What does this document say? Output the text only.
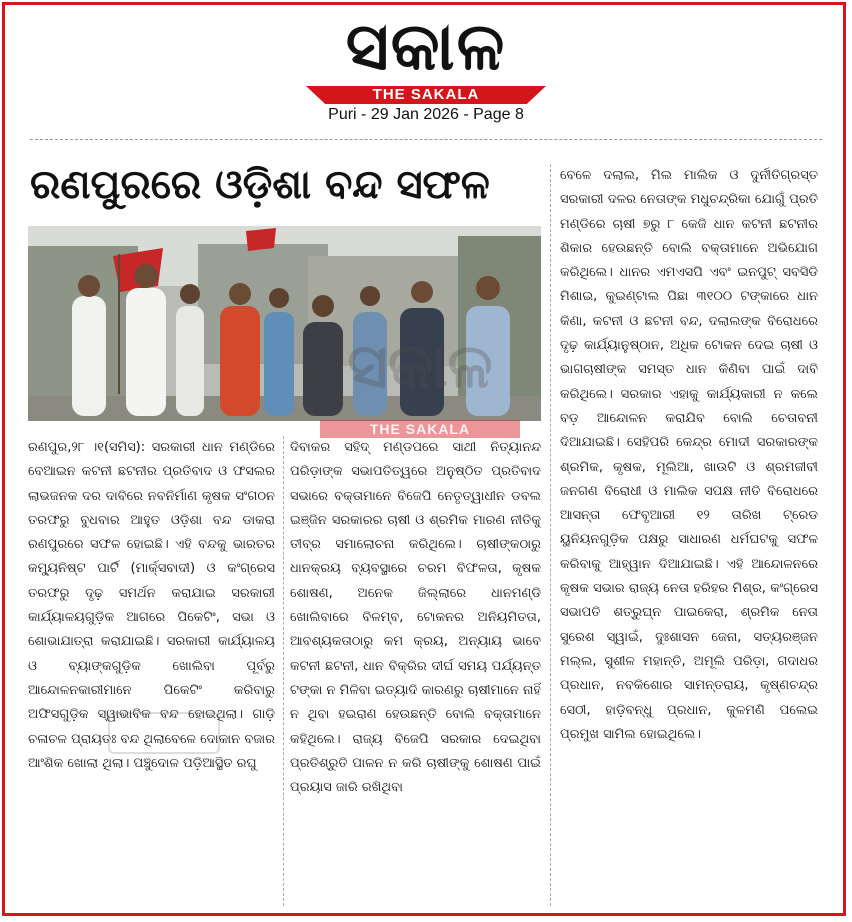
ସକାଳ
THE SAKALA
Puri - 29 Jan 2026 - Page 8
ରଣପୁରରେ ଓଡ଼ିଶା ବନ୍ଦ ସଫଳ
ରଣପୁର,୨୮ ।୧(ସମିସ): ସରକାରୀ ଧାନ ମଣ୍ଡିରେ ବେଆଇନ କଟନୀ ଛଟନୀର ପ୍ରତିବାଦ ଓ ଫସଲର ଲାଭଜନକ ଦର ଦାବିରେ ନବନିର୍ମାଣ କୃଷକ ସଂଗଠନ ତରଫରୁ ବୁଧବାର ଆହୁତ ଓଡ଼ିଶା ବନ୍ଦ ଡାକରା ରଣପୁରରେ ସଫଳ ହୋଇଛି। ଏହି ବନ୍ଦକୁ ଭାରତର କମ୍ୟୁନିଷ୍ଟ ପାର୍ଟି (ମାର୍କ୍ସବାଦୀ) ଓ କଂଗ୍ରେସ ତରଫରୁ ଦୃଢ଼ ସମର୍ଥନ କରାଯାଇ ସରକାରୀ କାର୍ଯ୍ୟାଳୟଗୁଡ଼ିକ ଆଗରେ ପିକେଟିଂ, ସଭା ଓ ଶୋଭାଯାତ୍ରା କରାଯାଇଛି। ସରକାରୀ କାର୍ଯ୍ୟାଳୟ ଓ ବ୍ୟାଙ୍କଗୁଡ଼ିକ ଖୋଲିବା ପୂର୍ବରୁ ଆନ୍ଦୋଳନକାରୀମାନେ ପିକେଟିଂ କରିବାରୁ ଅଫିସଗୁଡ଼ିକ ସ୍ୱାଭାବିକ ବନ୍ଦ ହୋଇଥିଲା। ଗାଡ଼ି ଚଳାଚଳ ପ୍ରାୟତଃ ବନ୍ଦ ଥିଲାବେଳେ ଦୋକାନ ବଜାର ଆଂଶିକ ଖୋଲା ଥିଲା। ପଞ୍ଚୁଦୋଳ ପଡ଼ିଆସ୍ଥିତ ରଘୁ
ଦିବାକର ସହିଦ୍ ମଣ୍ଡପରେ ସାଥୀ ନିତ୍ୟାନନ୍ଦ ପରିଡ଼ାଙ୍କ ସଭାପତିତ୍ୱରେ ଅନୁଷ୍ଠିତ ପ୍ରତିବାଦ ସଭାରେ ବକ୍ତାମାନେ ବିଜେପି ନେତୃତ୍ୱାଧୀନ ଡବଲ ଇଞ୍ଜିନ ସରକାରର ଚାଷୀ ଓ ଶ୍ରମିକ ମାରଣ ନୀତିକୁ ତୀବ୍ର ସମାଲୋଚନା କରିଥିଲେ। ଚାଷୀଙ୍କଠାରୁ ଧାନକ୍ରୟ ବ୍ୟବସ୍ଥାରେ ଚରମ ବିଫଳତା, କୃଷକ ଶୋଷଣ, ଅନେକ ଜିଲ୍ଲାରେ ଧାନମଣ୍ଡି ଖୋଲିବାରେ ବିଳମ୍ବ, ଟୋକନର ଅନିୟମିତତା, ଆବଶ୍ୟକତାଠାରୁ କମ କ୍ରୟ, ଅନ୍ୟାୟ ଭାବେ କଟନୀ ଛଟନୀ, ଧାନ ବିକ୍ରିର ଦୀର୍ଘ ସମୟ ପର୍ଯ୍ୟନ୍ତ ଟଙ୍କା ନ ମିଳିବା ଇତ୍ୟାଦି କାରଣରୁ ଚାଷୀମାନେ ନାହିଁ ନ ଥିବା ହଇରାଣ ହେଉଛନ୍ତି ବୋଲି ବକ୍ତାମାନେ କହିଥିଲେ। ରାଜ୍ୟ ବିଜେପି ସରକାର ଦେଇଥିବା ପ୍ରତିଶ୍ରୁତି ପାଳନ ନ କରି ଚାଷୀଙ୍କୁ ଶୋଷଣ ପାଇଁ ପ୍ରୟାସ ଜାରି ରଖିଥିବା
ବେଳେ ଦଲାଲ, ମିଲ ମାଲିକ ଓ ଦୁର୍ନୀତିଗ୍ରସ୍ତ ସରକାରୀ ଦଳର ନେତାଙ୍କ ମଧୁଚନ୍ଦ୍ରିକା ଯୋଗୁଁ ପ୍ରତି ମଣ୍ଡିରେ ଚାଷୀ ୭ରୁ ୮ କେଜି ଧାନ କଟନୀ ଛଟନୀର ଶିକାର ହେଉଛନ୍ତି ବୋଲି ବକ୍ତାମାନେ ଅଭିଯୋଗ କରିଥିଲେ। ଧାନର ଏମଏସପି ଏବଂ ଇନପୁଟ୍ ସବସିଡି ମିଶାଇ, କୁଇଣ୍ଟାଲ ପିଛା ୩୧୦୦ ଟଙ୍କାରେ ଧାନ କିଣା, କଟନୀ ଓ ଛଟନୀ ବନ୍ଦ, ଦଲାଲଙ୍କ ବିରୋଧରେ ଦୃଢ଼ କାର୍ଯ୍ୟାନୁଷ୍ଠାନ, ଅଧିକ ଟୋକନ ଦେଇ ଚାଷୀ ଓ ଭାଗଚାଷୀଙ୍କ ସମସ୍ତ ଧାନ କିଣିବା ପାଇଁ ଦାବି କରିଥିଲେ। ସରକାର ଏହାକୁ କାର୍ଯ୍ୟକାରୀ ନ କଲେ ବଡ଼ ଆନ୍ଦୋଳନ କରାଯିବ ବୋଲି ଚେତାବନୀ ଦିଆଯାଇଛି। ସେହିପରି କେନ୍ଦ୍ର ମୋଦୀ ସରକାରଙ୍କ ଶ୍ରମିକ, କୃଷକ, ମୂଲିଆ, ଖାଉଟି ଓ ଶ୍ରମଜୀବୀ ଜନଗଣ ବିରୋଧୀ ଓ ମାଲିକ ସପକ୍ଷ ନୀତି ବିରୋଧରେ ଆସନ୍ତା ଫେବୃଆରୀ ୧୨ ତାରିଖ ଟ୍ରେଡ ୟୁନିୟନଗୁଡ଼ିକ ପକ୍ଷରୁ ସାଧାରଣ ଧର୍ମଘଟକୁ ସଫଳ କରିବାକୁ ଆହ୍ୱାନ ଦିଆଯାଇଛି। ଏହି ଆନ୍ଦୋଳନରେ କୃଷକ ସଭାର ରାଜ୍ୟ ନେତା ହରିହର ମିଶ୍ର, କଂଗ୍ରେସ ସଭାପତି ଶତ୍ରୁଘ୍ନ ପାଇକେରା, ଶ୍ରମିକ ନେତା ସୁରେଶ ସ୍ୱାଇଁ, ଦୁଃଶାସନ ଜେନା, ସତ୍ୟରଞ୍ଜନ ମଲ୍ଲ, ସୁଶୀଳ ମହାନ୍ତି, ଅମୂଲି ପରିଡ଼ା, ଗଦାଧର ପ୍ରଧାନ, ନବକିଶୋର ସାମନ୍ତରାୟ, କୃଷ୍ଣଚନ୍ଦ୍ର ସେଠୀ, ହାଡ଼ିବନ୍ଧୁ ପ୍ରଧାନ, କୁଳମଣି ପଲେଇ ପ୍ରମୁଖ ସାମିଲ ହୋଇଥିଲେ।
ସକାଳ
THE SAKALA
